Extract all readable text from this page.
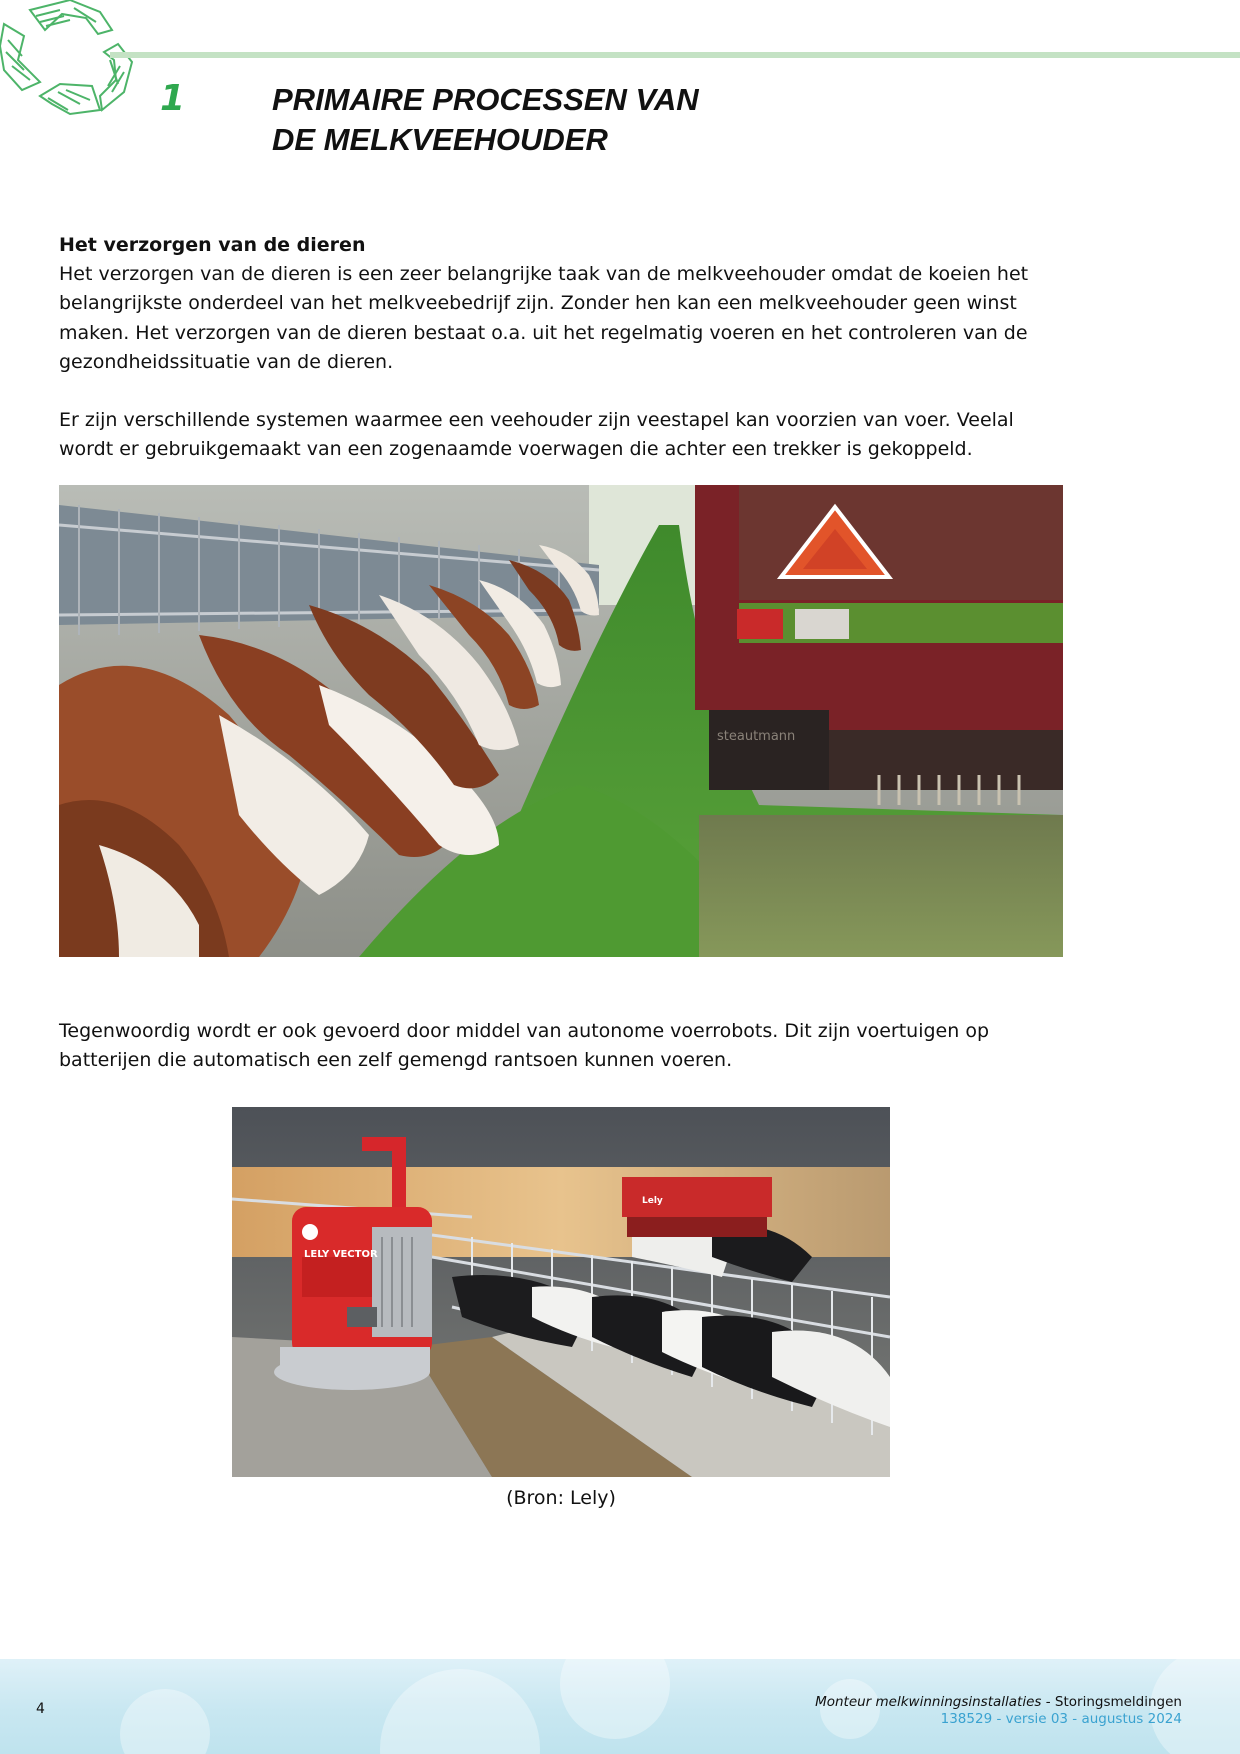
1	PRIMAIRE PROCESSEN VAN
DE MELKVEEHOUDER
Het verzorgen van de dieren
Het verzorgen van de dieren is een zeer belangrijke taak van de melkveehouder omdat de koeien het belangrijkste onderdeel van het melkveebedrijf zijn. Zonder hen kan een melkveehouder geen winst maken. Het verzorgen van de dieren bestaat o.a. uit het regelmatig voeren en het controleren van de gezondheidssituatie van de dieren.
Er zijn verschillende systemen waarmee een veehouder zijn veestapel kan voorzien van voer. Veelal wordt er gebruikgemaakt van een zogenaamde voerwagen die achter een trekker is gekoppeld.
steautmann
Tegenwoordig wordt er ook gevoerd door middel van autonome voerrobots. Dit zijn voertuigen op batterijen die automatisch een zelf gemengd rantsoen kunnen voeren.
LELY VECTOR
Lely
(Bron: Lely)
4	Monteur melkwinningsinstallaties - Storingsmeldingen
138529 - versie 03 - augustus 2024
